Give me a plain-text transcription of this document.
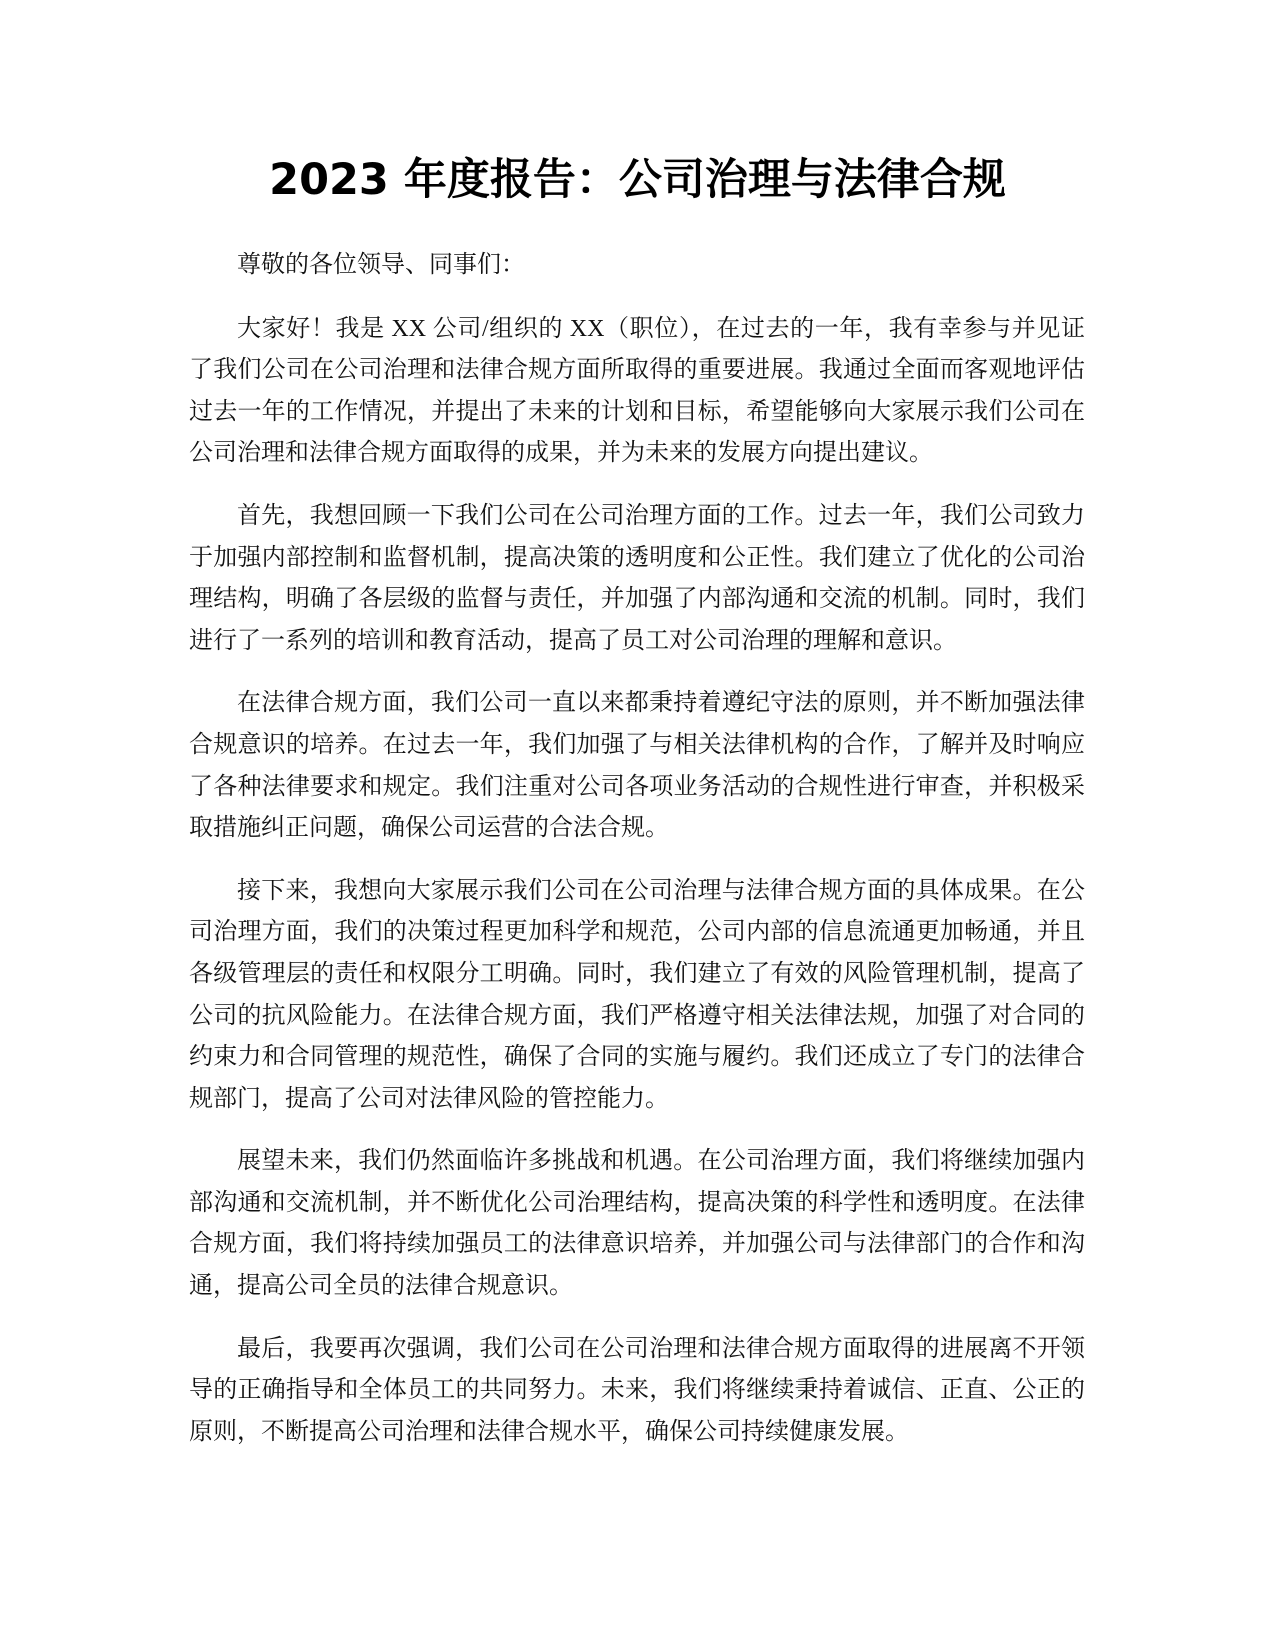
2023 年度报告：公司治理与法律合规

尊敬的各位领导、同事们：

大家好！我是 XX 公司/组织的 XX（职位），在过去的一年，我有幸参与并见证了我们公司在公司治理和法律合规方面所取得的重要进展。我通过全面而客观地评估过去一年的工作情况，并提出了未来的计划和目标，希望能够向大家展示我们公司在公司治理和法律合规方面取得的成果，并为未来的发展方向提出建议。

首先，我想回顾一下我们公司在公司治理方面的工作。过去一年，我们公司致力于加强内部控制和监督机制，提高决策的透明度和公正性。我们建立了优化的公司治理结构，明确了各层级的监督与责任，并加强了内部沟通和交流的机制。同时，我们进行了一系列的培训和教育活动，提高了员工对公司治理的理解和意识。

在法律合规方面，我们公司一直以来都秉持着遵纪守法的原则，并不断加强法律合规意识的培养。在过去一年，我们加强了与相关法律机构的合作，了解并及时响应了各种法律要求和规定。我们注重对公司各项业务活动的合规性进行审查，并积极采取措施纠正问题，确保公司运营的合法合规。

接下来，我想向大家展示我们公司在公司治理与法律合规方面的具体成果。在公司治理方面，我们的决策过程更加科学和规范，公司内部的信息流通更加畅通，并且各级管理层的责任和权限分工明确。同时，我们建立了有效的风险管理机制，提高了公司的抗风险能力。在法律合规方面，我们严格遵守相关法律法规，加强了对合同的约束力和合同管理的规范性，确保了合同的实施与履约。我们还成立了专门的法律合规部门，提高了公司对法律风险的管控能力。

展望未来，我们仍然面临许多挑战和机遇。在公司治理方面，我们将继续加强内部沟通和交流机制，并不断优化公司治理结构，提高决策的科学性和透明度。在法律合规方面，我们将持续加强员工的法律意识培养，并加强公司与法律部门的合作和沟通，提高公司全员的法律合规意识。

最后，我要再次强调，我们公司在公司治理和法律合规方面取得的进展离不开领导的正确指导和全体员工的共同努力。未来，我们将继续秉持着诚信、正直、公正的原则，不断提高公司治理和法律合规水平，确保公司持续健康发展。
